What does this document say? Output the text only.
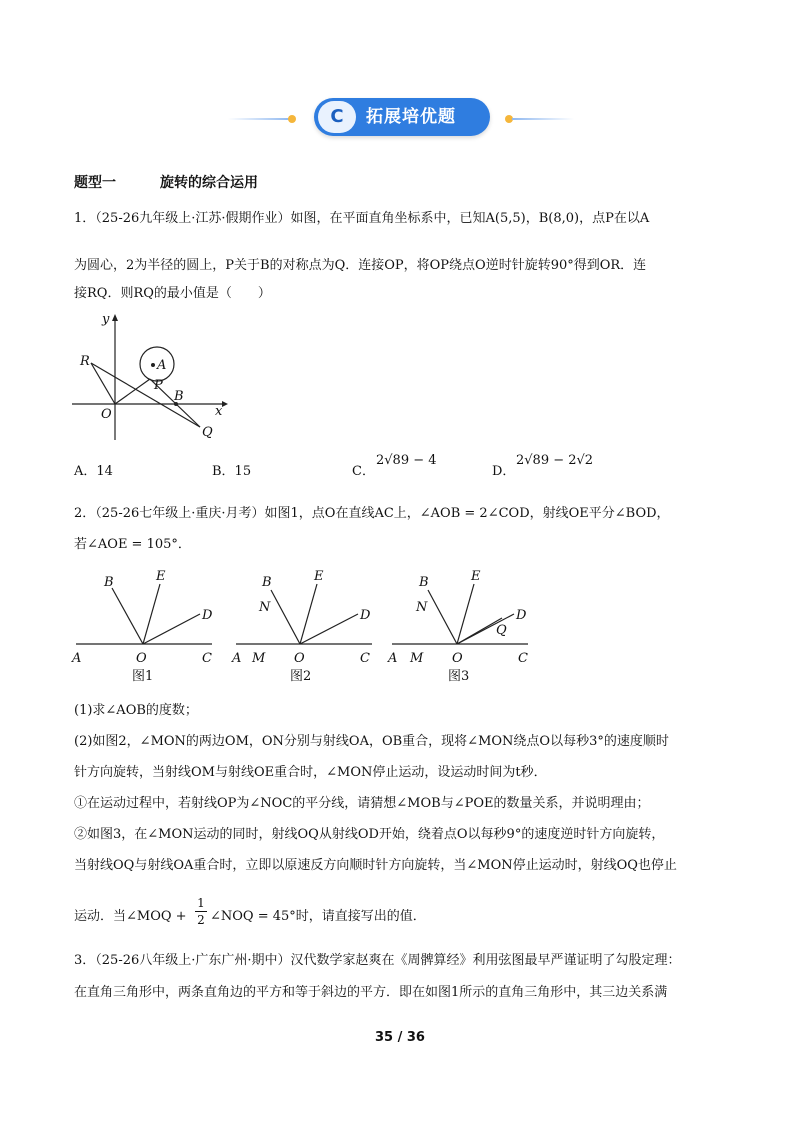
C	拓展培优题
题型一	旋转的综合运用
1．（25-26九年级上·江苏·假期作业）如图，在平面直角坐标系中，已知A(5,5)，B(8,0)，点P在以A
为圆心，2为半径的圆上，P关于B的对称点为Q．连接OP，将OP绕点O逆时针旋转90°得到OR．连
接RQ．则RQ的最小值是（　　）
y
x
R	A
P
B
O
Q
A．14	B．15	C．
2√89 − 4
D．
2√89 − 2√2
2．（25-26七年级上·重庆·月考）如图1，点O在直线AC上，∠AOB = 2∠COD，射线OE平分∠BOD，
若∠AOE = 105°．
A	O	C
B	E
D
A M O	C
B
N
E
D
A M O	C
B
N
E
D
Q
图1	图2	图3
(1)求∠AOB的度数；
(2)如图2，∠MON的两边OM，ON分别与射线OA，OB重合，现将∠MON绕点O以每秒3°的速度顺时
针方向旋转，当射线OM与射线OE重合时，∠MON停止运动，设运动时间为t秒．
①在运动过程中，若射线OP为∠NOC的平分线，请猜想∠MOB与∠POE的数量关系，并说明理由；
②如图3，在∠MON运动的同时，射线OQ从射线OD开始，绕着点O以每秒9°的速度逆时针方向旋转，
当射线OQ与射线OA重合时，立即以原速反方向顺时针方向旋转，当∠MON停止运动时，射线OQ也停止
运动．当∠MOQ +
1
2 ∠NOQ = 45°时，请直接写出的值．
3．（25-26八年级上·广东广州·期中）汉代数学家赵爽在《周髀算经》利用弦图最早严谨证明了勾股定理：
在直角三角形中，两条直角边的平方和等于斜边的平方．即在如图1所示的直角三角形中，其三边关系满
35 / 36
